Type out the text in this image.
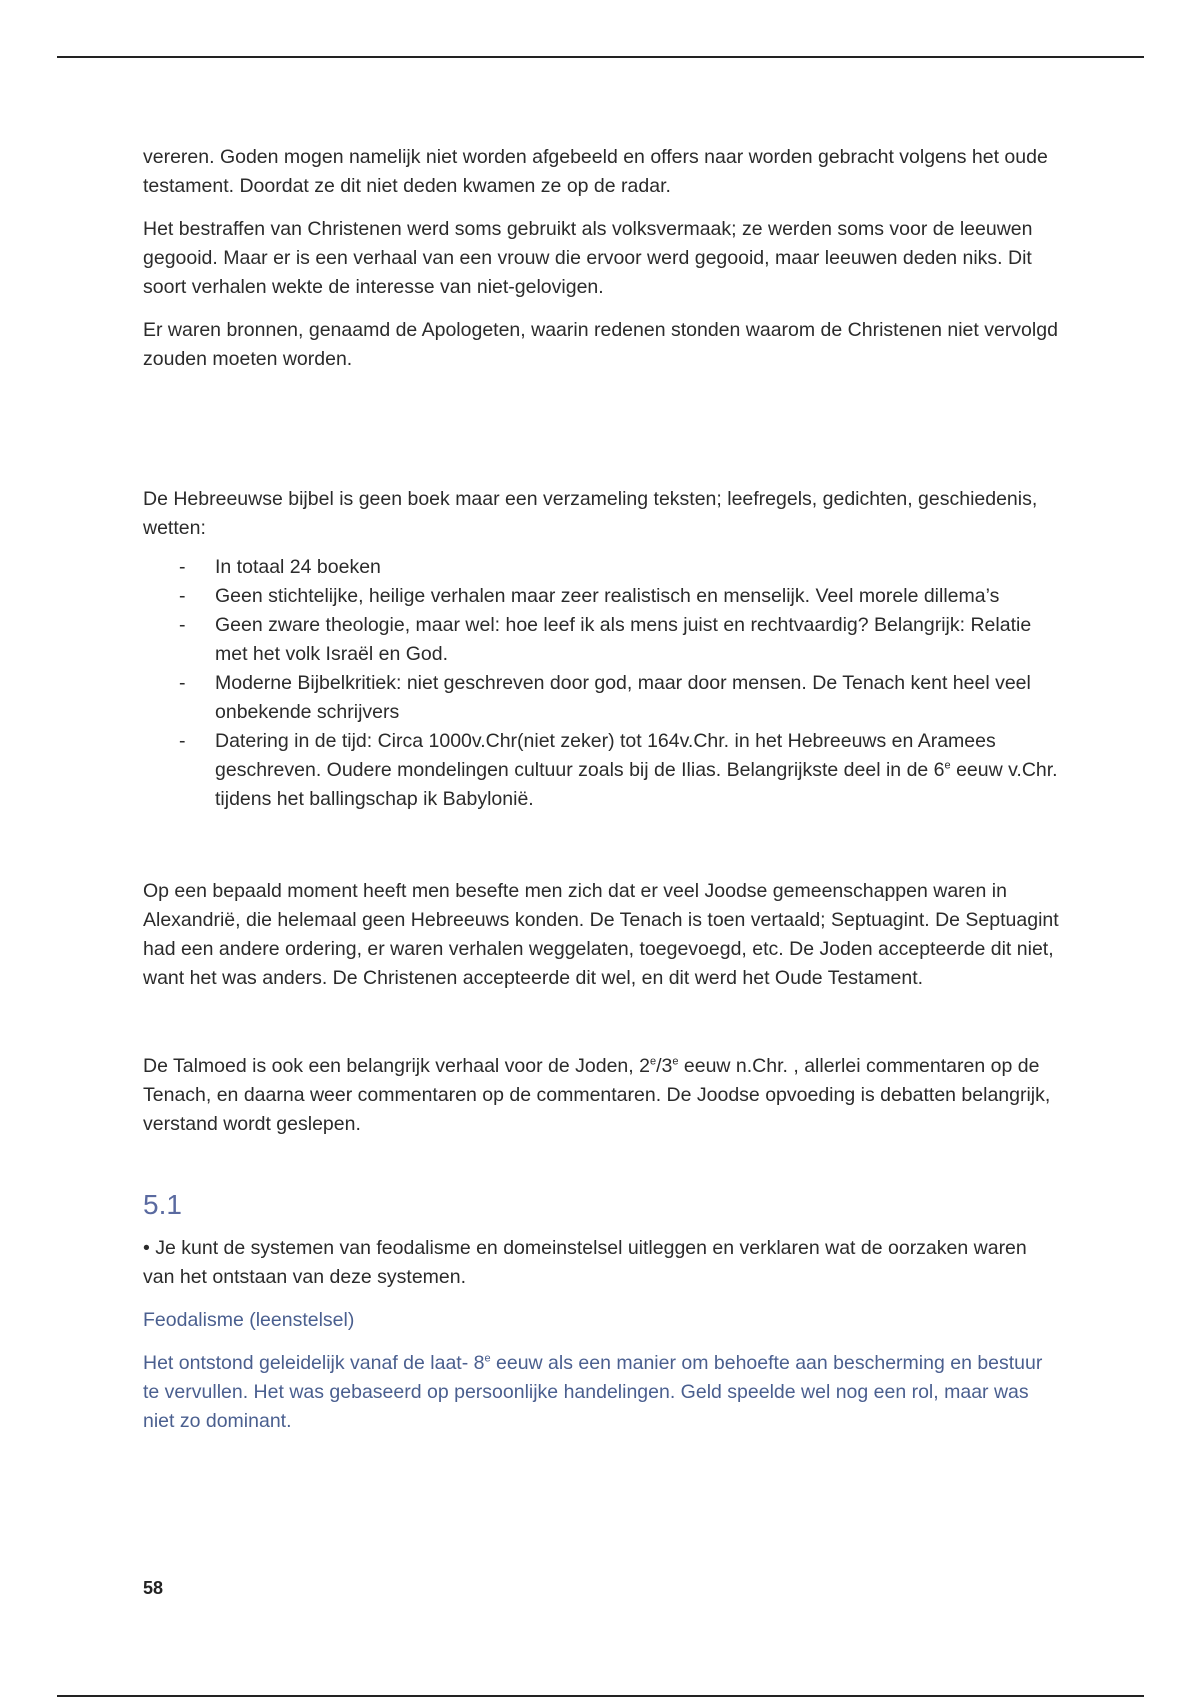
vereren. Goden mogen namelijk niet worden afgebeeld en offers naar worden gebracht volgens het oude testament. Doordat ze dit niet deden kwamen ze op de radar.

Het bestraffen van Christenen werd soms gebruikt als volksvermaak; ze werden soms voor de leeuwen gegooid. Maar er is een verhaal van een vrouw die ervoor werd gegooid, maar leeuwen deden niks. Dit soort verhalen wekte de interesse van niet-gelovigen.

Er waren bronnen, genaamd de Apologeten, waarin redenen stonden waarom de Christenen niet vervolgd zouden moeten worden.

De Hebreeuwse bijbel is geen boek maar een verzameling teksten; leefregels, gedichten, geschiedenis, wetten:

- In totaal 24 boeken
- Geen stichtelijke, heilige verhalen maar zeer realistisch en menselijk. Veel morele dillema’s
- Geen zware theologie, maar wel: hoe leef ik als mens juist en rechtvaardig? Belangrijk: Relatie met het volk Israël en God.
- Moderne Bijbelkritiek: niet geschreven door god, maar door mensen. De Tenach kent heel veel onbekende schrijvers
- Datering in de tijd: Circa 1000v.Chr(niet zeker) tot 164v.Chr. in het Hebreeuws en Aramees geschreven. Oudere mondelingen cultuur zoals bij de Ilias. Belangrijkste deel in de 6e eeuw v.Chr. tijdens het ballingschap ik Babylonië.

Op een bepaald moment heeft men besefte men zich dat er veel Joodse gemeenschappen waren in Alexandrië, die helemaal geen Hebreeuws konden. De Tenach is toen vertaald; Septuagint. De Septuagint had een andere ordering, er waren verhalen weggelaten, toegevoegd, etc. De Joden accepteerde dit niet, want het was anders. De Christenen accepteerde dit wel, en dit werd het Oude Testament.

De Talmoed is ook een belangrijk verhaal voor de Joden, 2e/3e eeuw n.Chr. , allerlei commentaren op de Tenach, en daarna weer commentaren op de commentaren. De Joodse opvoeding is debatten belangrijk, verstand wordt geslepen.

5.1

• Je kunt de systemen van feodalisme en domeinstelsel uitleggen en verklaren wat de oorzaken waren van het ontstaan van deze systemen.

Feodalisme (leenstelsel)

Het ontstond geleidelijk vanaf de laat- 8e eeuw als een manier om behoefte aan bescherming en bestuur te vervullen. Het was gebaseerd op persoonlijke handelingen. Geld speelde wel nog een rol, maar was niet zo dominant.

58
